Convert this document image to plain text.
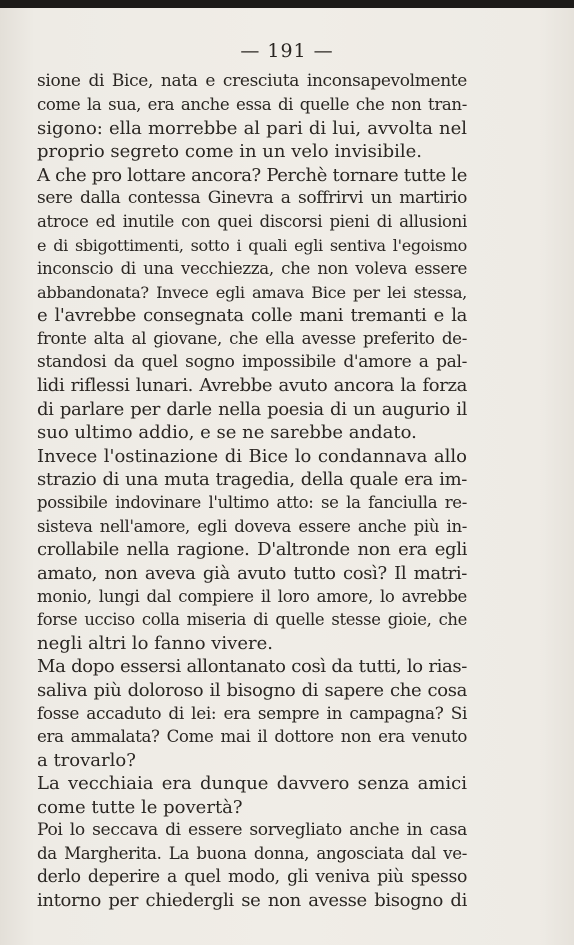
— 191 —
sione di Bice, nata e cresciuta inconsapevolmente
come la sua, era anche essa di quelle che non tran-
sigono: ella morrebbe al pari di lui, avvolta nel
proprio segreto come in un velo invisibile.
A che pro lottare ancora? Perchè tornare tutte le
sere dalla contessa Ginevra a soffrirvi un martirio
atroce ed inutile con quei discorsi pieni di allusioni
e di sbigottimenti, sotto i quali egli sentiva l'egoismo
inconscio di una vecchiezza, che non voleva essere
abbandonata? Invece egli amava Bice per lei stessa,
e l'avrebbe consegnata colle mani tremanti e la
fronte alta al giovane, che ella avesse preferito de-
standosi da quel sogno impossibile d'amore a pal-
lidi riflessi lunari. Avrebbe avuto ancora la forza
di parlare per darle nella poesia di un augurio il
suo ultimo addio, e se ne sarebbe andato.
Invece l'ostinazione di Bice lo condannava allo
strazio di una muta tragedia, della quale era im-
possibile indovinare l'ultimo atto: se la fanciulla re-
sisteva nell'amore, egli doveva essere anche più in-
crollabile nella ragione. D'altronde non era egli
amato, non aveva già avuto tutto così? Il matri-
monio, lungi dal compiere il loro amore, lo avrebbe
forse ucciso colla miseria di quelle stesse gioie, che
negli altri lo fanno vivere.
Ma dopo essersi allontanato così da tutti, lo rias-
saliva più doloroso il bisogno di sapere che cosa
fosse accaduto di lei: era sempre in campagna? Si
era ammalata? Come mai il dottore non era venuto
a trovarlo?
La vecchiaia era dunque davvero senza amici
come tutte le povertà?
Poi lo seccava di essere sorvegliato anche in casa
da Margherita. La buona donna, angosciata dal ve-
derlo deperire a quel modo, gli veniva più spesso
intorno per chiedergli se non avesse bisogno di
